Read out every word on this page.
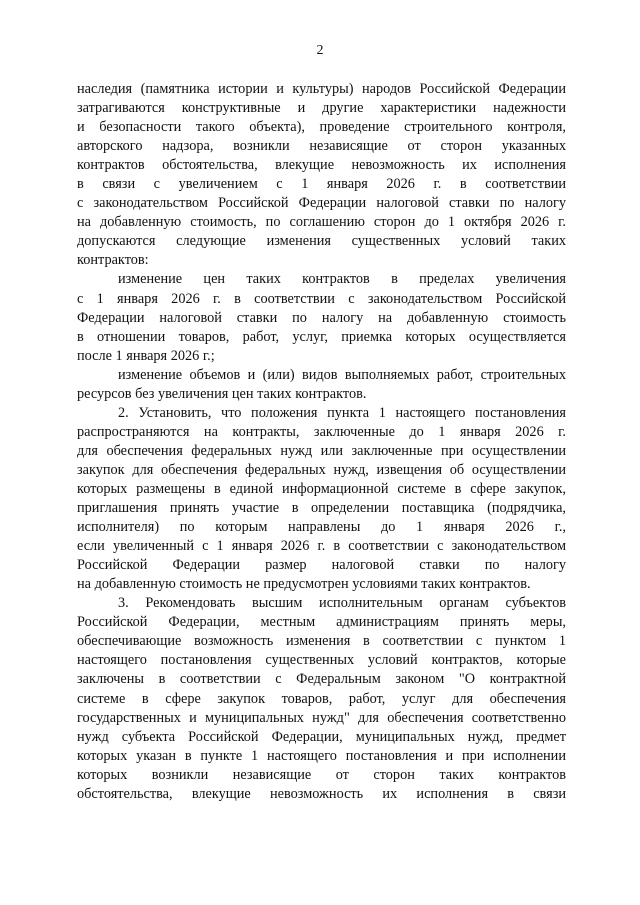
2
наследия (памятника истории и культуры) народов Российской Федерации
затрагиваются конструктивные и другие характеристики надежности
и безопасности такого объекта), проведение строительного контроля,
авторского надзора, возникли независящие от сторон указанных
контрактов обстоятельства, влекущие невозможность их исполнения
в связи с увеличением с 1 января 2026 г. в соответствии
с законодательством Российской Федерации налоговой ставки по налогу
на добавленную стоимость, по соглашению сторон до 1 октября 2026 г.
допускаются следующие изменения существенных условий таких
контрактов:
изменение цен таких контрактов в пределах увеличения
с 1 января 2026 г. в соответствии с законодательством Российской
Федерации налоговой ставки по налогу на добавленную стоимость
в отношении товаров, работ, услуг, приемка которых осуществляется
после 1 января 2026 г.;
изменение объемов и (или) видов выполняемых работ, строительных
ресурсов без увеличения цен таких контрактов.
2. Установить, что положения пункта 1 настоящего постановления
распространяются на контракты, заключенные до 1 января 2026 г.
для обеспечения федеральных нужд или заключенные при осуществлении
закупок для обеспечения федеральных нужд, извещения об осуществлении
которых размещены в единой информационной системе в сфере закупок,
приглашения принять участие в определении поставщика (подрядчика,
исполнителя) по которым направлены до 1 января 2026 г.,
если увеличенный с 1 января 2026 г. в соответствии с законодательством
Российской Федерации размер налоговой ставки по налогу
на добавленную стоимость не предусмотрен условиями таких контрактов.
3. Рекомендовать высшим исполнительным органам субъектов
Российской Федерации, местным администрациям принять меры,
обеспечивающие возможность изменения в соответствии с пунктом 1
настоящего постановления существенных условий контрактов, которые
заключены в соответствии с Федеральным законом "О контрактной
системе в сфере закупок товаров, работ, услуг для обеспечения
государственных и муниципальных нужд" для обеспечения соответственно
нужд субъекта Российской Федерации, муниципальных нужд, предмет
которых указан в пункте 1 настоящего постановления и при исполнении
которых возникли независящие от сторон таких контрактов
обстоятельства, влекущие невозможность их исполнения в связи
